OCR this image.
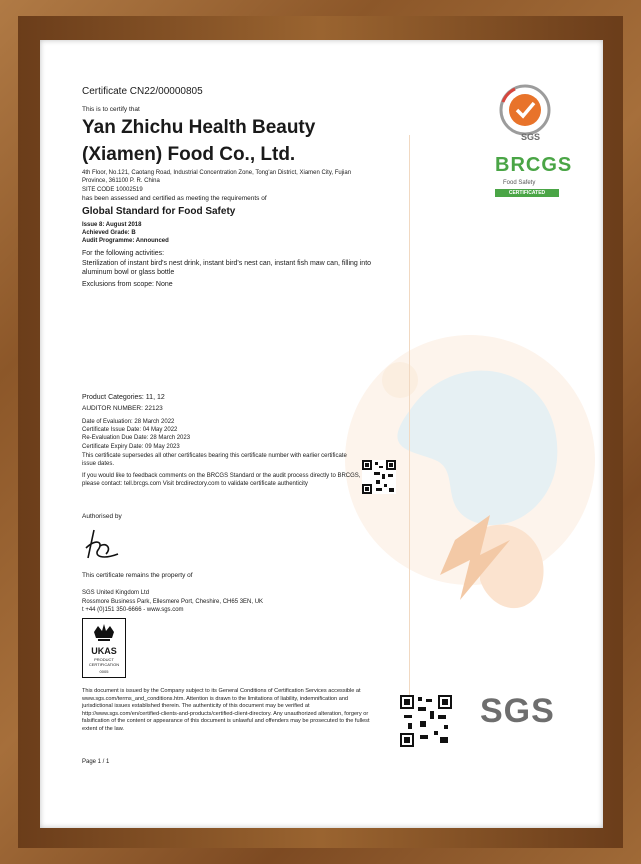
Certificate CN22/00000805
This is to certify that
Yan Zhichu Health Beauty
(Xiamen) Food Co., Ltd.
4th Floor, No.121, Caotang Road, Industrial Concentration Zone, Tong'an District, Xiamen City, Fujian
Province, 361100 P. R. China
SITE CODE 10002519
has been assessed and certified as meeting the requirements of
Global Standard for Food Safety
Issue 8: August 2018
Achieved Grade: B
Audit Programme: Announced
For the following activities:
Sterilization of instant bird's nest drink, instant bird's nest can, instant fish maw can, filling into aluminum bowl or glass bottle
Exclusions from scope: None
Product Categories: 11, 12
AUDITOR NUMBER: 22123
Date of Evaluation: 28 March 2022
Certificate Issue Date: 04 May 2022
Re-Evaluation Due Date: 28 March 2023
Certificate Expiry Date: 09 May 2023
This certificate supersedes all other certificates bearing this certificate number with earlier certificate issue dates.
If you would like to feedback comments on the BRCGS Standard or the audit process directly to BRCGS, please contact: tell.brcgs.com Visit brcdirectory.com to validate certificate authenticity
Authorised by
This certificate remains the property of
SGS United Kingdom Ltd
Rossmore Business Park, Ellesmere Port, Cheshire, CH65 3EN, UK
t +44 (0)151 350-6666 - www.sgs.com
UKAS
PRODUCT
CERTIFICATION
0005
This document is issued by the Company subject to its General Conditions of Certification Services accessible at www.sgs.com/terms_and_conditions.htm. Attention is drawn to the limitations of liability, indemnification and jurisdictional issues established therein. The authenticity of this document may be verified at http://www.sgs.com/en/certified-clients-and-products/certified-client-directory. Any unauthorized alteration, forgery or falsification of the content or appearance of this document is unlawful and offenders may be prosecuted to the fullest extent of the law.
Page 1 / 1
SGS
BRCGS
Food Safety
CERTIFICATED
SGS
